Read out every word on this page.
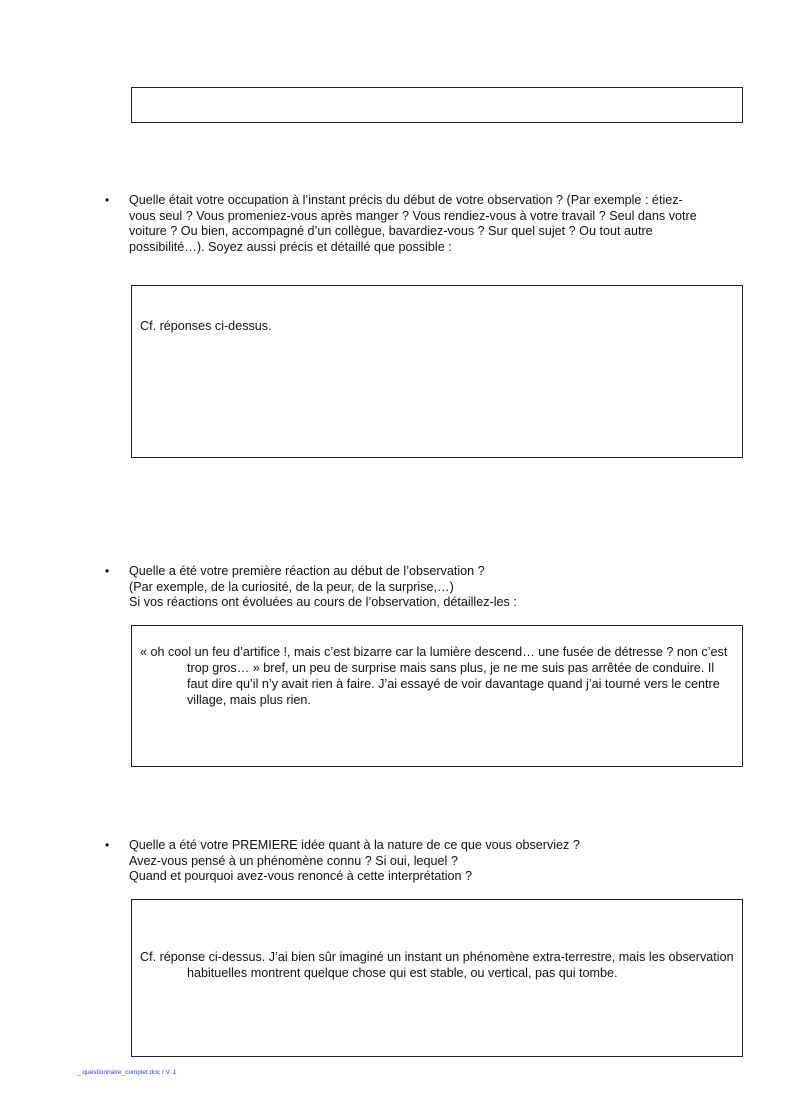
• Quelle était votre occupation à l’instant précis du début de votre observation ? (Par exemple : étiez-
vous seul ? Vous promeniez-vous après manger ? Vous rendiez-vous à votre travail ? Seul dans votre
voiture ? Ou bien, accompagné d’un collègue, bavardiez-vous ? Sur quel sujet ? Ou tout autre
possibilité…). Soyez aussi précis et détaillé que possible :

Cf. réponses ci-dessus.

• Quelle a été votre première réaction au début de l’observation ?
(Par exemple, de la curiosité, de la peur, de la surprise,…)
Si vos réactions ont évoluées au cours de l’observation, détaillez-les :

« oh cool un feu d’artifice !, mais c’est bizarre car la lumière descend… une fusée de détresse ? non c’est trop gros… » bref, un peu de surprise mais sans plus, je ne me suis pas arrêtée de conduire. Il faut dire qu’il n’y avait rien à faire. J’ai essayé de voir davantage quand j’ai tourné vers le centre village, mais plus rien.

• Quelle a été votre PREMIERE idée quant à la nature de ce que vous observiez ?
Avez-vous pensé à un phénomène connu ? Si oui, lequel ?
Quand et pourquoi avez-vous renoncé à cette interprétation ?

Cf. réponse ci-dessus. J’ai bien sûr imaginé un instant un phénomène extra-terrestre, mais les observation habituelles montrent quelque chose qui est stable, ou vertical, pas qui tombe.

_ questionnaire_complet.doc / V. 1
